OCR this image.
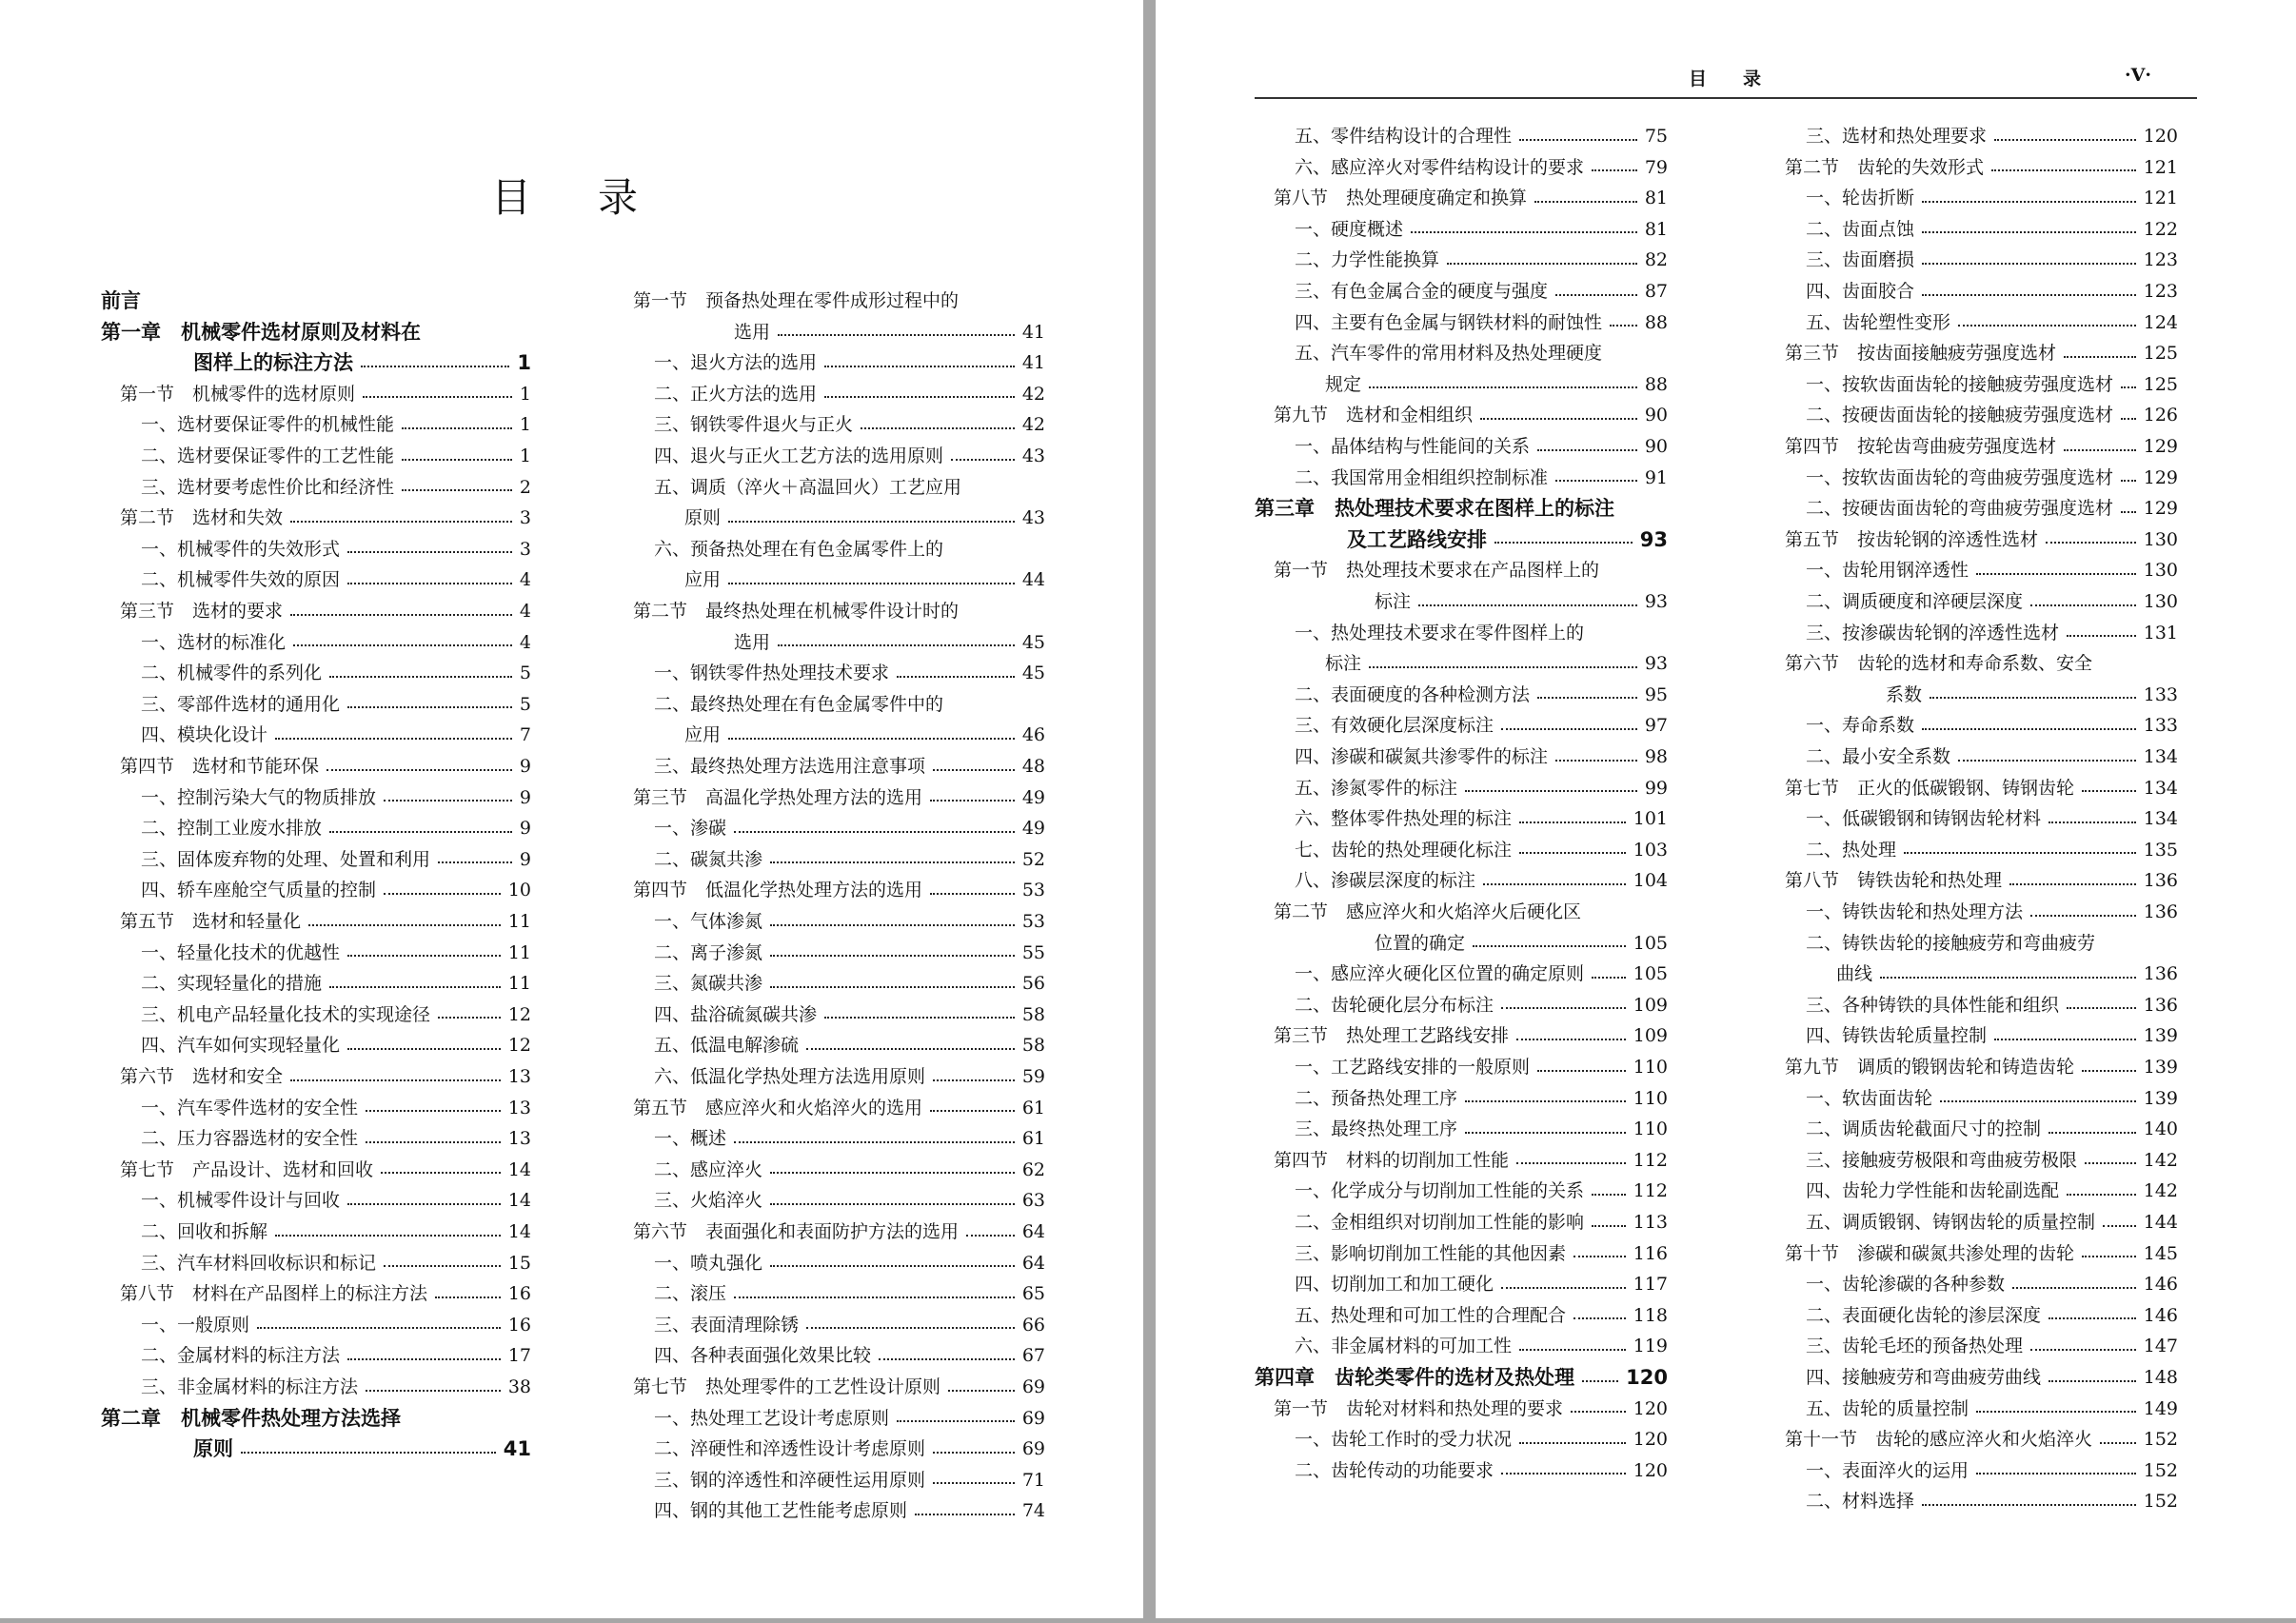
目录
目录	·Ⅴ·
前言
第一章　机械零件选材原则及材料在
图样上的标注方法	1
第一节　机械零件的选材原则	1
一、选材要保证零件的机械性能	1
二、选材要保证零件的工艺性能	1
三、选材要考虑性价比和经济性	2
第二节　选材和失效	3
一、机械零件的失效形式	3
二、机械零件失效的原因	4
第三节　选材的要求	4
一、选材的标准化	4
二、机械零件的系列化	5
三、零部件选材的通用化	5
四、模块化设计	7
第四节　选材和节能环保	9
一、控制污染大气的物质排放	9
二、控制工业废水排放	9
三、固体废弃物的处理、处置和利用	9
四、轿车座舱空气质量的控制	10
第五节　选材和轻量化	11
一、轻量化技术的优越性	11
二、实现轻量化的措施	11
三、机电产品轻量化技术的实现途径	12
四、汽车如何实现轻量化	12
第六节　选材和安全	13
一、汽车零件选材的安全性	13
二、压力容器选材的安全性	13
第七节　产品设计、选材和回收	14
一、机械零件设计与回收	14
二、回收和拆解	14
三、汽车材料回收标识和标记	15
第八节　材料在产品图样上的标注方法	16
一、一般原则	16
二、金属材料的标注方法	17
三、非金属材料的标注方法	38
第二章　机械零件热处理方法选择
原则	41
第一节　预备热处理在零件成形过程中的
选用	41
一、退火方法的选用	41
二、正火方法的选用	42
三、钢铁零件退火与正火	42
四、退火与正火工艺方法的选用原则	43
五、调质（淬火＋高温回火）工艺应用
原则	43
六、预备热处理在有色金属零件上的
应用	44
第二节　最终热处理在机械零件设计时的
选用	45
一、钢铁零件热处理技术要求	45
二、最终热处理在有色金属零件中的
应用	46
三、最终热处理方法选用注意事项	48
第三节　高温化学热处理方法的选用	49
一、渗碳	49
二、碳氮共渗	52
第四节　低温化学热处理方法的选用	53
一、气体渗氮	53
二、离子渗氮	55
三、氮碳共渗	56
四、盐浴硫氮碳共渗	58
五、低温电解渗硫	58
六、低温化学热处理方法选用原则	59
第五节　感应淬火和火焰淬火的选用	61
一、概述	61
二、感应淬火	62
三、火焰淬火	63
第六节　表面强化和表面防护方法的选用	64
一、喷丸强化	64
二、滚压	65
三、表面清理除锈	66
四、各种表面强化效果比较	67
第七节　热处理零件的工艺性设计原则	69
一、热处理工艺设计考虑原则	69
二、淬硬性和淬透性设计考虑原则	69
三、钢的淬透性和淬硬性运用原则	71
四、钢的其他工艺性能考虑原则	74
五、零件结构设计的合理性	75
六、感应淬火对零件结构设计的要求	79
第八节　热处理硬度确定和换算	81
一、硬度概述	81
二、力学性能换算	82
三、有色金属合金的硬度与强度	87
四、主要有色金属与钢铁材料的耐蚀性 88
五、汽车零件的常用材料及热处理硬度
规定	88
第九节　选材和金相组织	90
一、晶体结构与性能间的关系	90
二、我国常用金相组织控制标准	91
第三章　热处理技术要求在图样上的标注
及工艺路线安排	93
第一节　热处理技术要求在产品图样上的
标注	93
一、热处理技术要求在零件图样上的
标注	93
二、表面硬度的各种检测方法	95
三、有效硬化层深度标注	97
四、渗碳和碳氮共渗零件的标注	98
五、渗氮零件的标注	99
六、整体零件热处理的标注	101
七、齿轮的热处理硬化标注	103
八、渗碳层深度的标注	104
第二节　感应淬火和火焰淬火后硬化区
位置的确定	105
一、感应淬火硬化区位置的确定原则	105
二、齿轮硬化层分布标注	109
第三节　热处理工艺路线安排	109
一、工艺路线安排的一般原则	110
二、预备热处理工序	110
三、最终热处理工序	110
第四节　材料的切削加工性能	112
一、化学成分与切削加工性能的关系	112
二、金相组织对切削加工性能的影响	113
三、影响切削加工性能的其他因素	116
四、切削加工和加工硬化	117
五、热处理和可加工性的合理配合	118
六、非金属材料的可加工性	119
第四章　齿轮类零件的选材及热处理	120
第一节　齿轮对材料和热处理的要求	120
一、齿轮工作时的受力状况	120
二、齿轮传动的功能要求	120
三、选材和热处理要求	120
第二节　齿轮的失效形式	121
一、轮齿折断	121
二、齿面点蚀	122
三、齿面磨损	123
四、齿面胶合	123
五、齿轮塑性变形	124
第三节　按齿面接触疲劳强度选材	125
一、按软齿面齿轮的接触疲劳强度选材 125
二、按硬齿面齿轮的接触疲劳强度选材 126
第四节　按轮齿弯曲疲劳强度选材	129
一、按软齿面齿轮的弯曲疲劳强度选材 129
二、按硬齿面齿轮的弯曲疲劳强度选材 129
第五节　按齿轮钢的淬透性选材	130
一、齿轮用钢淬透性	130
二、调质硬度和淬硬层深度	130
三、按渗碳齿轮钢的淬透性选材	131
第六节　齿轮的选材和寿命系数、安全
系数	133
一、寿命系数	133
二、最小安全系数	134
第七节　正火的低碳锻钢、铸钢齿轮	134
一、低碳锻钢和铸钢齿轮材料	134
二、热处理	135
第八节　铸铁齿轮和热处理	136
一、铸铁齿轮和热处理方法	136
二、铸铁齿轮的接触疲劳和弯曲疲劳
曲线	136
三、各种铸铁的具体性能和组织	136
四、铸铁齿轮质量控制	139
第九节　调质的锻钢齿轮和铸造齿轮	139
一、软齿面齿轮	139
二、调质齿轮截面尺寸的控制	140
三、接触疲劳极限和弯曲疲劳极限	142
四、齿轮力学性能和齿轮副选配	142
五、调质锻钢、铸钢齿轮的质量控制	144
第十节　渗碳和碳氮共渗处理的齿轮	145
一、齿轮渗碳的各种参数	146
二、表面硬化齿轮的渗层深度	146
三、齿轮毛坯的预备热处理	147
四、接触疲劳和弯曲疲劳曲线	148
五、齿轮的质量控制	149
第十一节　齿轮的感应淬火和火焰淬火	152
一、表面淬火的运用	152
二、材料选择	152
